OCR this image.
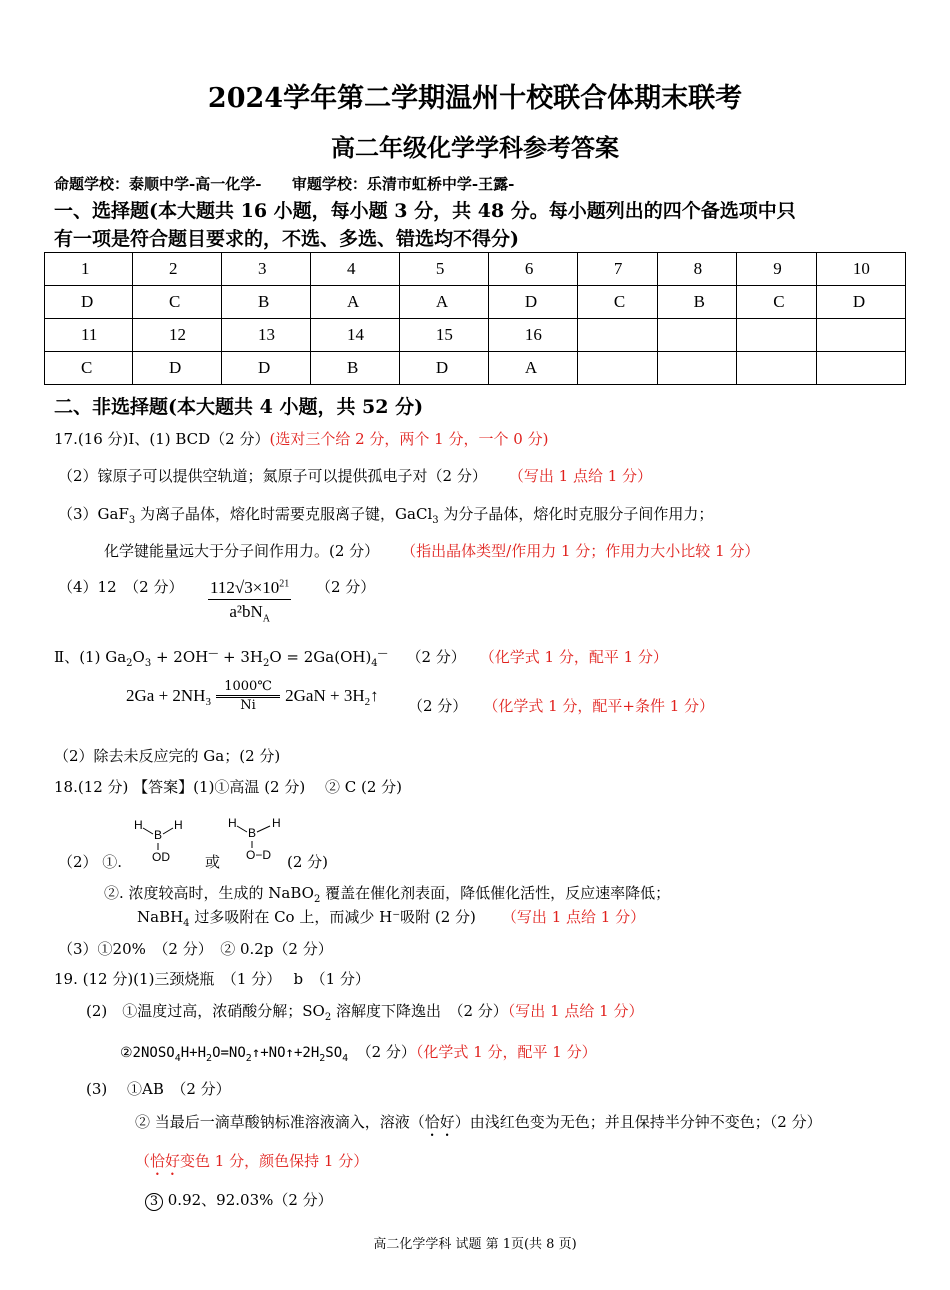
2024学年第二学期温州十校联合体期末联考
高二年级化学学科参考答案
命题学校：泰顺中学-高一化学- 审题学校：乐清市虹桥中学-王露-
一、选择题(本大题共 16 小题，每小题 3 分，共 48 分。每小题列出的四个备选项中只
有一项是符合题目要求的，不选、多选、错选均不得分)
1	2	3	4	5	6	7	8	9	10
D	C	B	A	A	D	C	B	C	D
11	12	13	14	15	16				
C	D	D	B	D	A				
二、非选择题(本大题共 4 小题，共 52 分)
17.(16 分)Ⅰ、(1) BCD（2 分）(选对三个给 2 分，两个 1 分，一个 0 分)
（2）镓原子可以提供空轨道；氮原子可以提供孤电子对（2 分） （写出 1 点给 1 分）
（3）GaF$_3$ 为离子晶体，熔化时需要克服离子键，GaCl$_3$ 为分子晶体，熔化时克服分子间作用力；
化学键能量远大于分子间作用力。(2 分） （指出晶体类型/作用力 1 分；作用力大小比较 1 分）
（4）12　（2 分） $\frac{112√3\times 10^{21}}{a^2bN_A} (2$ 分）
Ⅱ、(1) $Ga_2O_3 + 2OH^— + 3H_2O = 2Ga(OH)_4^—$ （2 分） （化学式 1 分，配平 1 分）
$2Ga + 2NH_3 \frac{1000℃}{Ni} 2GaN$ + $3H_2↑$
（2 分） （化学式 1 分，配平+条件 1 分）
（2）除去未反应完的 Ga；(2 分)
18.(12 分) 【答案】(1)①高温 (2 分)　 ② C (2 分)
（2） ①.
H
B
H
OD 或
H
B
H
O−D (2 分)
②. 浓度较高时，生成的 NaBO$_2$ 覆盖在催化剂表面，降低催化活性，反应速率降低；
NaBH$_4$ 过多吸附在 Co 上，而减少 H⁻吸附 (2 分) （写出 1 点给 1 分）
（3）①20%　（2 分）　② 0.2p（2 分）
19. (12 分)(1)三颈烧瓶　（1 分）　 b　（1 分）
(2)　①温度过高，浓硝酸分解；$SO_2$ 溶解度下降逸出　（2 分）（写出 1 点给 1 分）
$②2NOSO_4H+H_2O=NO_2↑+NO↑+2H_2SO_4$ （2 分）（化学式 1 分，配平 1 分）
(3)　 ①AB　（2 分）
② 当最后一滴草酸钠标准溶液滴入，溶液（恰好）由浅红色变为无色；并且保持半分钟不变色；（2 分）
（恰好变色 1 分，颜色保持 1 分）
3 0.92、92.03%（2 分）
高二化学学科 试题 第 1页(共 8 页)
